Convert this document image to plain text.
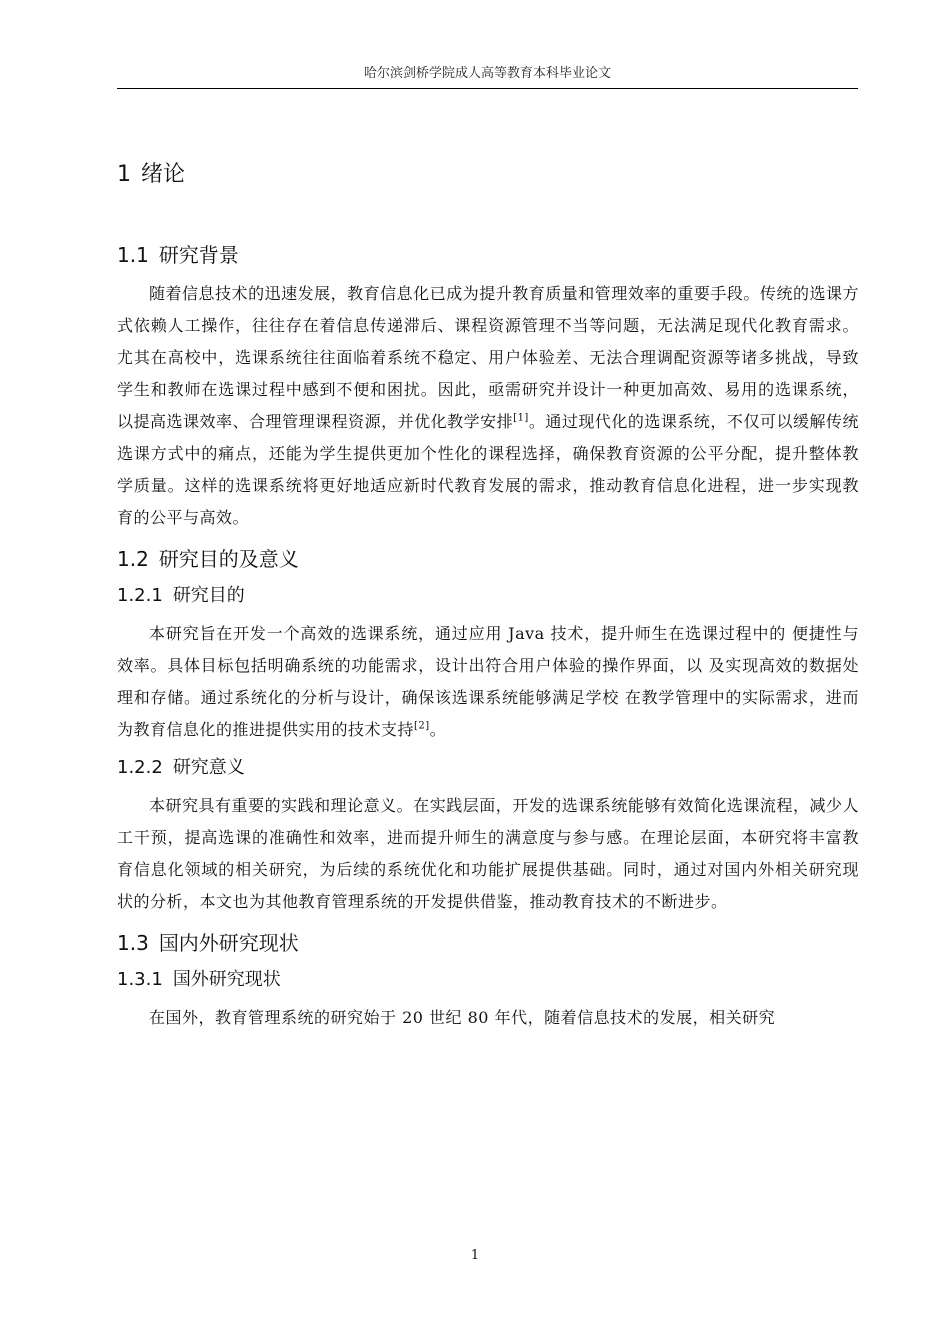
哈尔滨剑桥学院成人高等教育本科毕业论文
1 绪论
1.1 研究背景

随着信息技术的迅速发展，教育信息化已成为提升教育质量和管理效率的重要手段。传统的选课方式依赖人工操作，往往存在着信息传递滞后、课程资源管理不当等问题，无法满足现代化教育需求。尤其在高校中，选课系统往往面临着系统不稳定、用户体验差、无法合理调配资源等诸多挑战，导致学生和教师在选课过程中感到不便和困扰。因此，亟需研究并设计一种更加高效、易用的选课系统，以提高选课效率、合理管理课程资源，并优化教学安排[1]。通过现代化的选课系统，不仅可以缓解传统选课方式中的痛点，还能为学生提供更加个性化的课程选择，确保教育资源的公平分配，提升整体教学质量。这样的选课系统将更好地适应新时代教育发展的需求，推动教育信息化进程，进一步实现教育的公平与高效。

1.2 研究目的及意义
1.2.1 研究目的

本研究旨在开发一个高效的选课系统，通过应用 Java 技术，提升师生在选课过程中的 便捷性与效率。具体目标包括明确系统的功能需求，设计出符合用户体验的操作界面，以 及实现高效的数据处理和存储。通过系统化的分析与设计，确保该选课系统能够满足学校 在教学管理中的实际需求，进而为教育信息化的推进提供实用的技术支持[2]。

1.2.2 研究意义

本研究具有重要的实践和理论意义。在实践层面，开发的选课系统能够有效简化选课流程，减少人工干预，提高选课的准确性和效率，进而提升师生的满意度与参与感。在理论层面，本研究将丰富教育信息化领域的相关研究，为后续的系统优化和功能扩展提供基础。同时，通过对国内外相关研究现状的分析，本文也为其他教育管理系统的开发提供借鉴，推动教育技术的不断进步。

1.3 国内外研究现状
1.3.1 国外研究现状

在国外，教育管理系统的研究始于 20 世纪 80 年代，随着信息技术的发展，相关研究

1
